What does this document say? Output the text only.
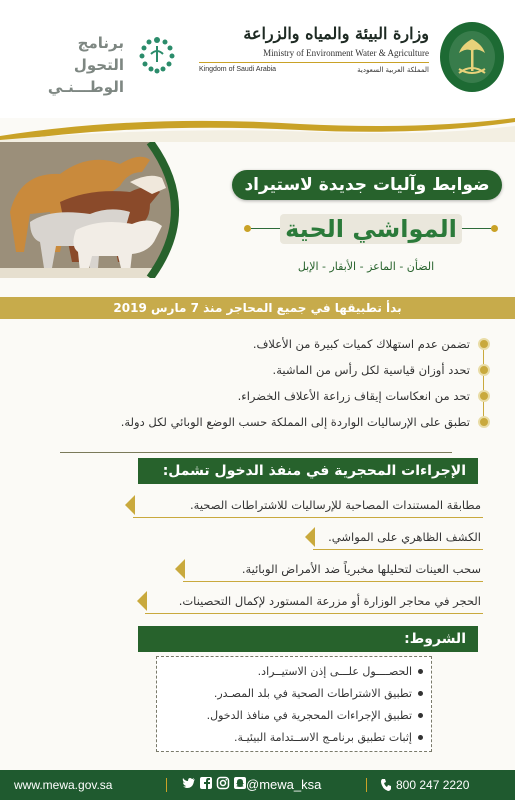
وزارة البيئة والمياه والزراعة
Ministry of Environment Water & Agriculture
المملكة العربية السعودية
Kingdom of Saudi Arabia
برنامج التحول
الوطـــنـي
ضوابط وآليات جديدة لاستيراد
المواشي الحية
الضأن - الماعز - الأبقار - الإبل
بدأ تطبيقها في جميع المحاجر منذ 7 مارس 2019
تضمن عدم استهلاك كميات كبيرة من الأعلاف.
تحدد أوزان قياسية لكل رأس من الماشية.
تحد من انعكاسات إيقاف زراعة الأعلاف الخضراء.
تطبق على الإرساليات الواردة إلى المملكة حسب الوضع الوبائي لكل دولة.
الإجراءات المحجرية في منفذ الدخول تشمل:
مطابقة المستندات المصاحبة للإرساليات للاشتراطات الصحية.
الكشف الظاهري على المواشي.
سحب العينات لتحليلها مخبرياً ضد الأمراض الوبائية.
الحجر في محاجر الوزارة أو مزرعة المستورد لإكمال التحصينات.
الشروط:
الحصــــول علـــى إذن الاستيــراد.
تطبيق الاشتراطات الصحية في بلد المصـدر.
تطبيق الإجراءات المحجرية في منافذ الدخول.
إثبات تطبيق برنامـج الاســتدامة البيئيـة.
www.mewa.gov.sa	@mewa_ksa	800 247 2220
